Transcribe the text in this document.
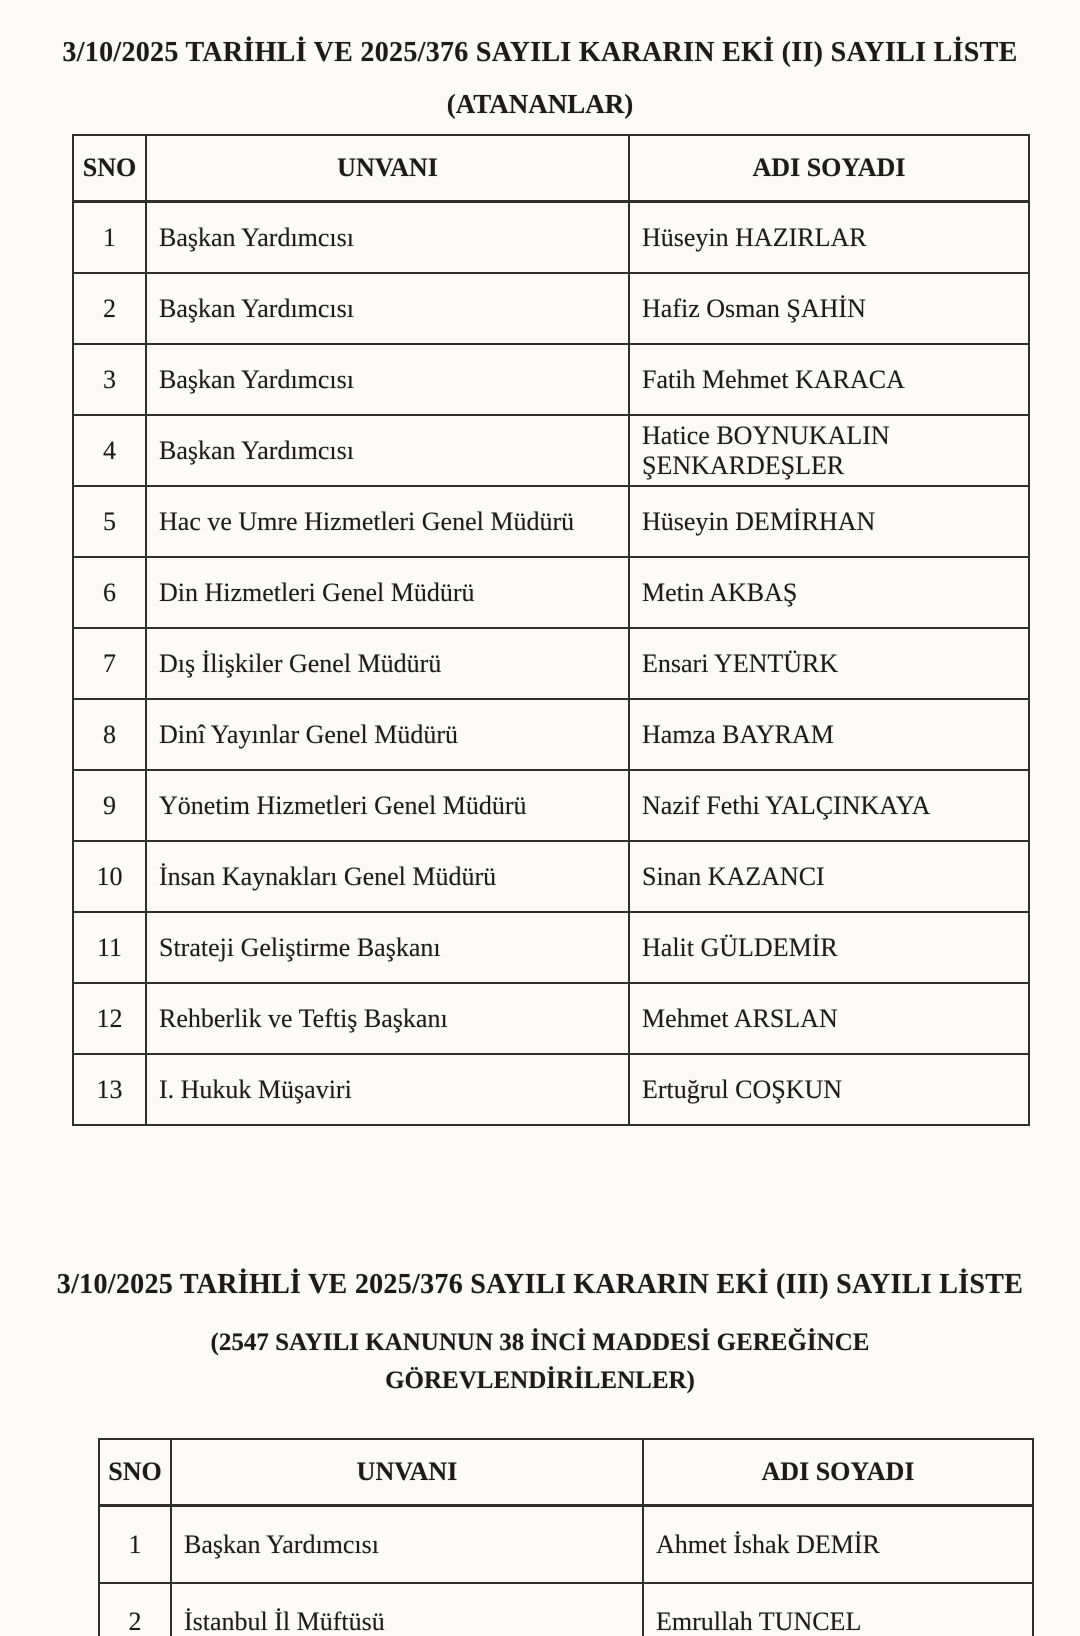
3/10/2025 TARİHLİ VE 2025/376 SAYILI KARARIN EKİ (II) SAYILI LİSTE
(ATANANLAR)
SNO	UNVANI	ADI SOYADI
1	Başkan Yardımcısı	Hüseyin HAZIRLAR
2	Başkan Yardımcısı	Hafiz Osman ŞAHİN
3	Başkan Yardımcısı	Fatih Mehmet KARACA
4	Başkan Yardımcısı	Hatice BOYNUKALIN ŞENKARDEŞLER
5	Hac ve Umre Hizmetleri Genel Müdürü	Hüseyin DEMİRHAN
6	Din Hizmetleri Genel Müdürü	Metin AKBAŞ
7	Dış İlişkiler Genel Müdürü	Ensari YENTÜRK
8	Dinî Yayınlar Genel Müdürü	Hamza BAYRAM
9	Yönetim Hizmetleri Genel Müdürü	Nazif Fethi YALÇINKAYA
10	İnsan Kaynakları Genel Müdürü	Sinan KAZANCI
11	Strateji Geliştirme Başkanı	Halit GÜLDEMİR
12	Rehberlik ve Teftiş Başkanı	Mehmet ARSLAN
13	I. Hukuk Müşaviri	Ertuğrul COŞKUN
3/10/2025 TARİHLİ VE 2025/376 SAYILI KARARIN EKİ (III) SAYILI LİSTE
(2547 SAYILI KANUNUN 38 İNCİ MADDESİ GEREĞİNCE
GÖREVLENDİRİLENLER)
SNO	UNVANI	ADI SOYADI
1	Başkan Yardımcısı	Ahmet İshak DEMİR
2	İstanbul İl Müftüsü	Emrullah TUNCEL
